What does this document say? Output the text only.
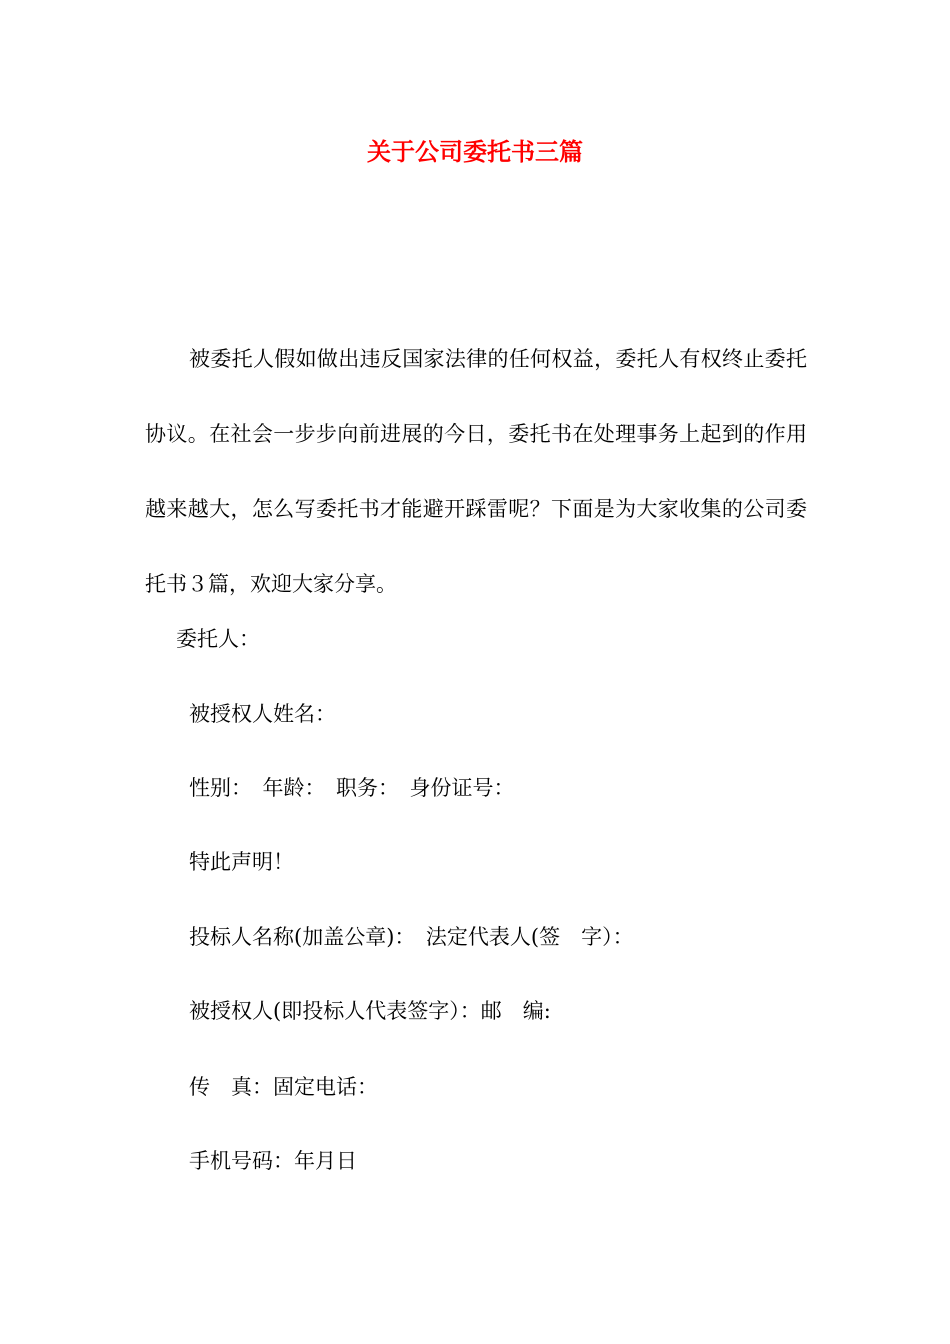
关于公司委托书三篇

被委托人假如做出违反国家法律的任何权益，委托人有权终止委托协议。在社会一步步向前进展的今日，委托书在处理事务上起到的作用越来越大，怎么写委托书才能避开踩雷呢？下面是为大家收集的公司委托书３篇，欢迎大家分享。

委托人：

被授权人姓名：

性别：　年龄：　职务：　身份证号：

特此声明！

投标人名称(加盖公章)：　法定代表人(签　字）：

被授权人(即投标人代表签字）：邮　编:

传　真：固定电话：

手机号码：年月日
